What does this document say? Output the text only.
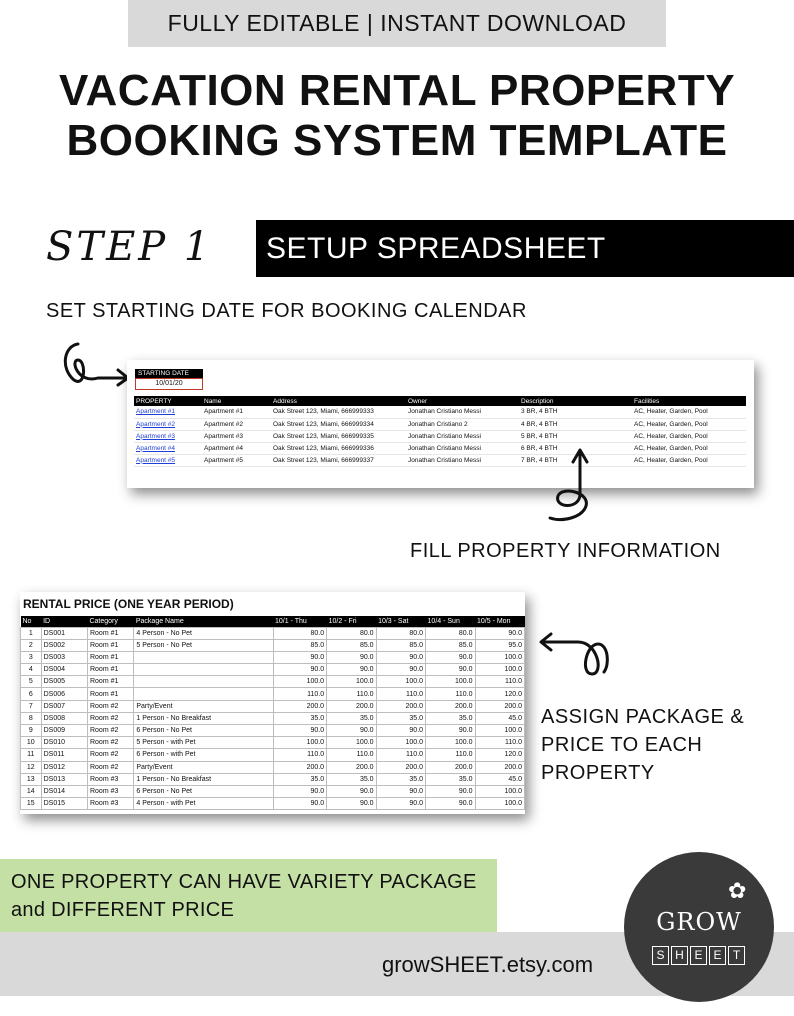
FULLY EDITABLE | INSTANT DOWNLOAD
VACATION RENTAL PROPERTY
BOOKING SYSTEM TEMPLATE
STEP 1 SETUP SPREADSHEET
SET STARTING DATE FOR BOOKING CALENDAR
STARTING DATE
10/01/20
PROPERTY	Name	Address	Owner	Description	Facilities
Apartment #1	Apartment #1	Oak Street 123, Miami, 666999333	Jonathan Cristiano Messi	3 BR, 4 BTH	AC, Heater, Garden, Pool
Apartment #2	Apartment #2	Oak Street 123, Miami, 666999334	Jonathan Cristiano 2	4 BR, 4 BTH	AC, Heater, Garden, Pool
Apartment #3	Apartment #3	Oak Street 123, Miami, 666999335	Jonathan Cristiano Messi	5 BR, 4 BTH	AC, Heater, Garden, Pool
Apartment #4	Apartment #4	Oak Street 123, Miami, 666999336	Jonathan Cristiano Messi	6 BR, 4 BTH	AC, Heater, Garden, Pool
Apartment #5	Apartment #5	Oak Street 123, Miami, 666999337	Jonathan Cristiano Messi	7 BR, 4 BTH	AC, Heater, Garden, Pool
FILL PROPERTY INFORMATION
RENTAL PRICE (ONE YEAR PERIOD)
No	ID	Category	Package Name	10/1 - Thu	10/2 - Fri	10/3 - Sat	10/4 - Sun	10/5 - Mon
1	DS001	Room #1	4 Person - No Pet	80.0	80.0	80.0	80.0	90.0
2	DS002	Room #1	5 Person - No Pet	85.0	85.0	85.0	85.0	95.0
3	DS003	Room #1		90.0	90.0	90.0	90.0	100.0
4	DS004	Room #1		90.0	90.0	90.0	90.0	100.0
5	DS005	Room #1		100.0	100.0	100.0	100.0	110.0
6	DS006	Room #1		110.0	110.0	110.0	110.0	120.0
7	DS007	Room #2	Party/Event	200.0	200.0	200.0	200.0	200.0
8	DS008	Room #2	1 Person - No Breakfast	35.0	35.0	35.0	35.0	45.0
9	DS009	Room #2	6 Person - No Pet	90.0	90.0	90.0	90.0	100.0
10	DS010	Room #2	5 Person - with Pet	100.0	100.0	100.0	100.0	110.0
11	DS011	Room #2	6 Person - with Pet	110.0	110.0	110.0	110.0	120.0
12	DS012	Room #2	Party/Event	200.0	200.0	200.0	200.0	200.0
13	DS013	Room #3	1 Person - No Breakfast	35.0	35.0	35.0	35.0	45.0
14	DS014	Room #3	6 Person - No Pet	90.0	90.0	90.0	90.0	100.0
15	DS015	Room #3	4 Person - with Pet	90.0	90.0	90.0	90.0	100.0
ASSIGN PACKAGE &
PRICE TO EACH
PROPERTY
ONE PROPERTY CAN HAVE VARIETY PACKAGE
and DIFFERENT PRICE
growSHEET.etsy.com
✿
GROW
S H E E T
